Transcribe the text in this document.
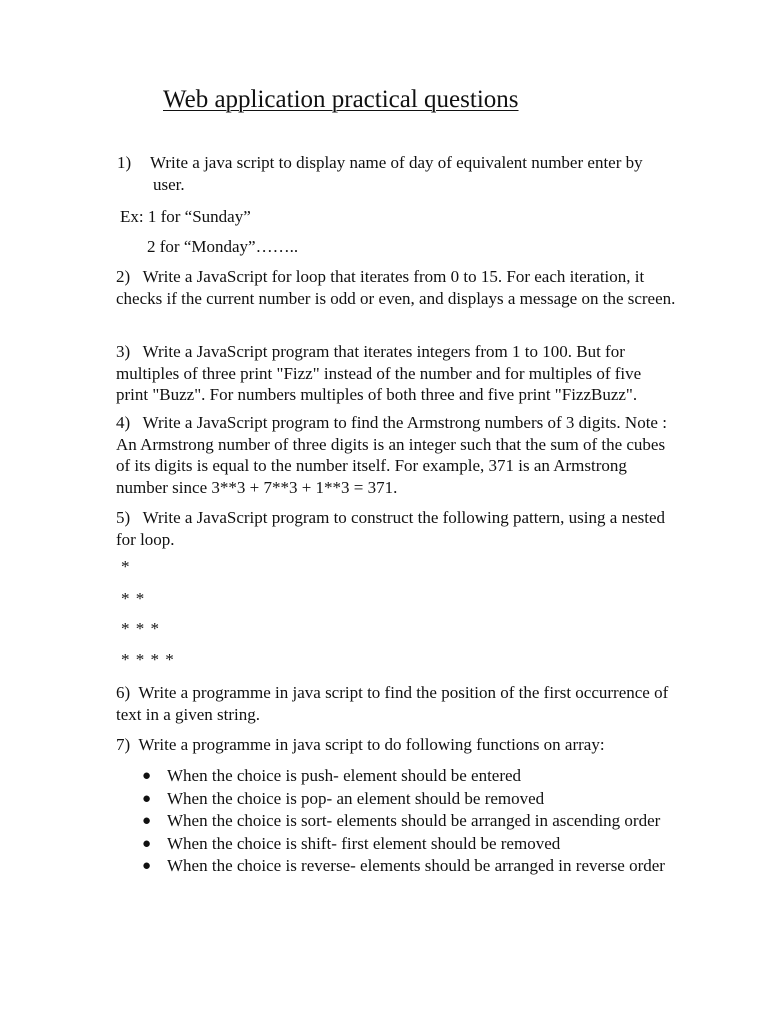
Web application practical questions
1)	Write a java script to display name of day of equivalent number enter by
user.
Ex: 1 for “Sunday”
2 for “Monday”……..
2)   Write a JavaScript for loop that iterates from 0 to 15. For each iteration, it checks if the current number is odd or even, and displays a message on the screen.
3)   Write a JavaScript program that iterates integers from 1 to 100. But for multiples of three print "Fizz" instead of the number and for multiples of five print "Buzz". For numbers multiples of both three and five print "FizzBuzz".
4)   Write a JavaScript program to find the Armstrong numbers of 3 digits. Note : An Armstrong number of three digits is an integer such that the sum of the cubes of its digits is equal to the number itself. For example, 371 is an Armstrong number since 3**3 + 7**3 + 1**3 = 371.
5)   Write a JavaScript program to construct the following pattern, using a nested for loop.
*
* *
* * *
* * * *
6)  Write a programme in java script to find the position of the first occurrence of text in a given string.
7)  Write a programme in java script to do following functions on array:
● When the choice is push- element should be entered
● When the choice is pop- an element should be removed
● When the choice is sort- elements should be arranged in ascending order
● When the choice is shift- first element should be removed
● When the choice is reverse- elements should be arranged in reverse order
